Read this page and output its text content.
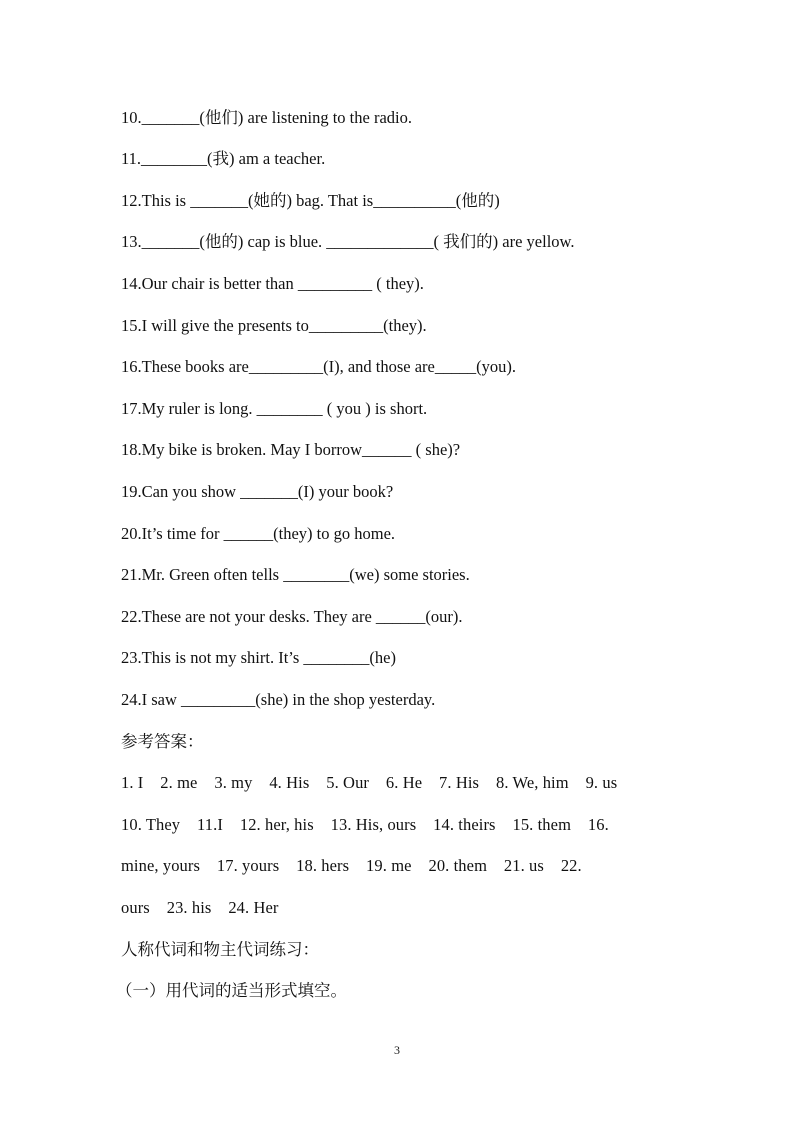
10._______(他们) are listening to the radio.
11.________(我) am a teacher.
12.This is _______(她的) bag. That is__________(他的)
13._______(他的) cap is blue. _____________( 我们的) are yellow.
14.Our chair is better than _________ ( they).
15.I will give the presents to_________(they).
16.These books are_________(I), and those are_____(you).
17.My ruler is long. ________ ( you ) is short.
18.My bike is broken. May I borrow______ ( she)?
19.Can you show _______(I) your book?
20.It’s time for ______(they) to go home.
21.Mr. Green often tells ________(we) some stories.
22.These are not your desks. They are ______(our).
23.This is not my shirt. It’s ________(he)
24.I saw _________(she) in the shop yesterday.
参考答案：
1. I    2. me    3. my    4. His    5. Our    6. He    7. His    8. We, him    9. us
10. They    11.I    12. her, his    13. His, ours    14. theirs    15. them    16.
mine, yours    17. yours    18. hers    19. me    20. them    21. us    22.
ours    23. his    24. Her
人称代词和物主代词练习：
（一）用代词的适当形式填空。
3
